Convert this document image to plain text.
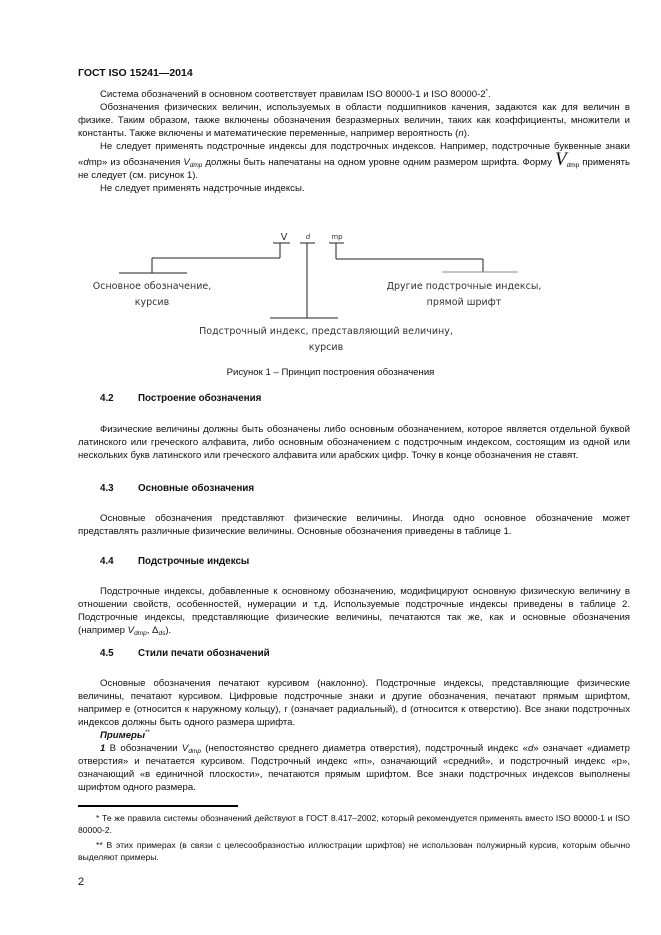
ГОСТ ISO 15241—2014

Система обозначений в основном соответствует правилам ISO 80000-1 и ISO 80000-2*.

Обозначения физических величин, используемых в области подшипников качения, задаются как для величин в физике. Таким образом, также включены обозначения безразмерных величин, таких как коэффициенты, множители и константы. Также включены и математические переменные, например вероятность (n).

Не следует применять подстрочные индексы для подстрочных индексов. Например, подстрочные буквенные знаки «dmp» из обозначения $V_{dmp}$ должны быть напечатаны на одном уровне одним размером шрифта. Форму $V_{dmp}$ применять не следует (см. рисунок 1).

Не следует применять надстрочные индексы.

V	d	mp
Основное обозначение,
курсив
Подстрочный индекс, представляющий величину,
курсив
Другие подстрочные индексы,
прямой шрифт
Рисунок 1 – Принцип построения обозначения
4.2 Построение обозначения

Физические величины должны быть обозначены либо основным обозначением, которое является отдельной буквой латинского или греческого алфавита, либо основным обозначением с подстрочным индексом, состоящим из одной или нескольких букв латинского или греческого алфавита или арабских цифр. Точку в конце обозначения не ставят.

4.3 Основные обозначения

Основные обозначения представляют физические величины. Иногда одно основное обозначение может представлять различные физические величины. Основные обозначения приведены в таблице 1.

4.4 Подстрочные индексы

Подстрочные индексы, добавленные к основному обозначению, модифицируют основную физическую величину в отношении свойств, особенностей, нумерации и т.д. Используемые подстрочные индексы приведены в таблице 2. Подстрочные индексы, представляющие физические величины, печатаются так же, как и основные обозначения (например $V_{dmp}$, $\Delta_{ds}$).

4.5 Стили печати обозначений

Основные обозначения печатают курсивом (наклонно). Подстрочные индексы, представляющие физические величины, печатают курсивом. Цифровые подстрочные знаки и другие обозначения, печатают прямым шрифтом, например е (относится к наружному кольцу), r (означает радиальный), d (относится к отверстию). Все знаки подстрочных индексов должны быть одного размера шрифта.

Примеры**

1 В обозначении $V_{dmp}$ (непостоянство среднего диаметра отверстия), подстрочный индекс «d» означает «диаметр отверстия» и печатается курсивом. Подстрочный индекс «m», означающий «средний», и подстрочный индекс «р», означающий «в единичной плоскости», печатаются прямым шрифтом. Все знаки подстрочных индексов выполнены шрифтом одного размера.

* Те же правила системы обозначений действуют в ГОСТ 8.417–2002, который рекомендуется применять вместо ISO 80000-1 и ISO 80000-2.

** В этих примерах (в связи с целесообразностью иллюстрации шрифтов) не использован полужирный курсив, которым обычно выделяют примеры.

2
